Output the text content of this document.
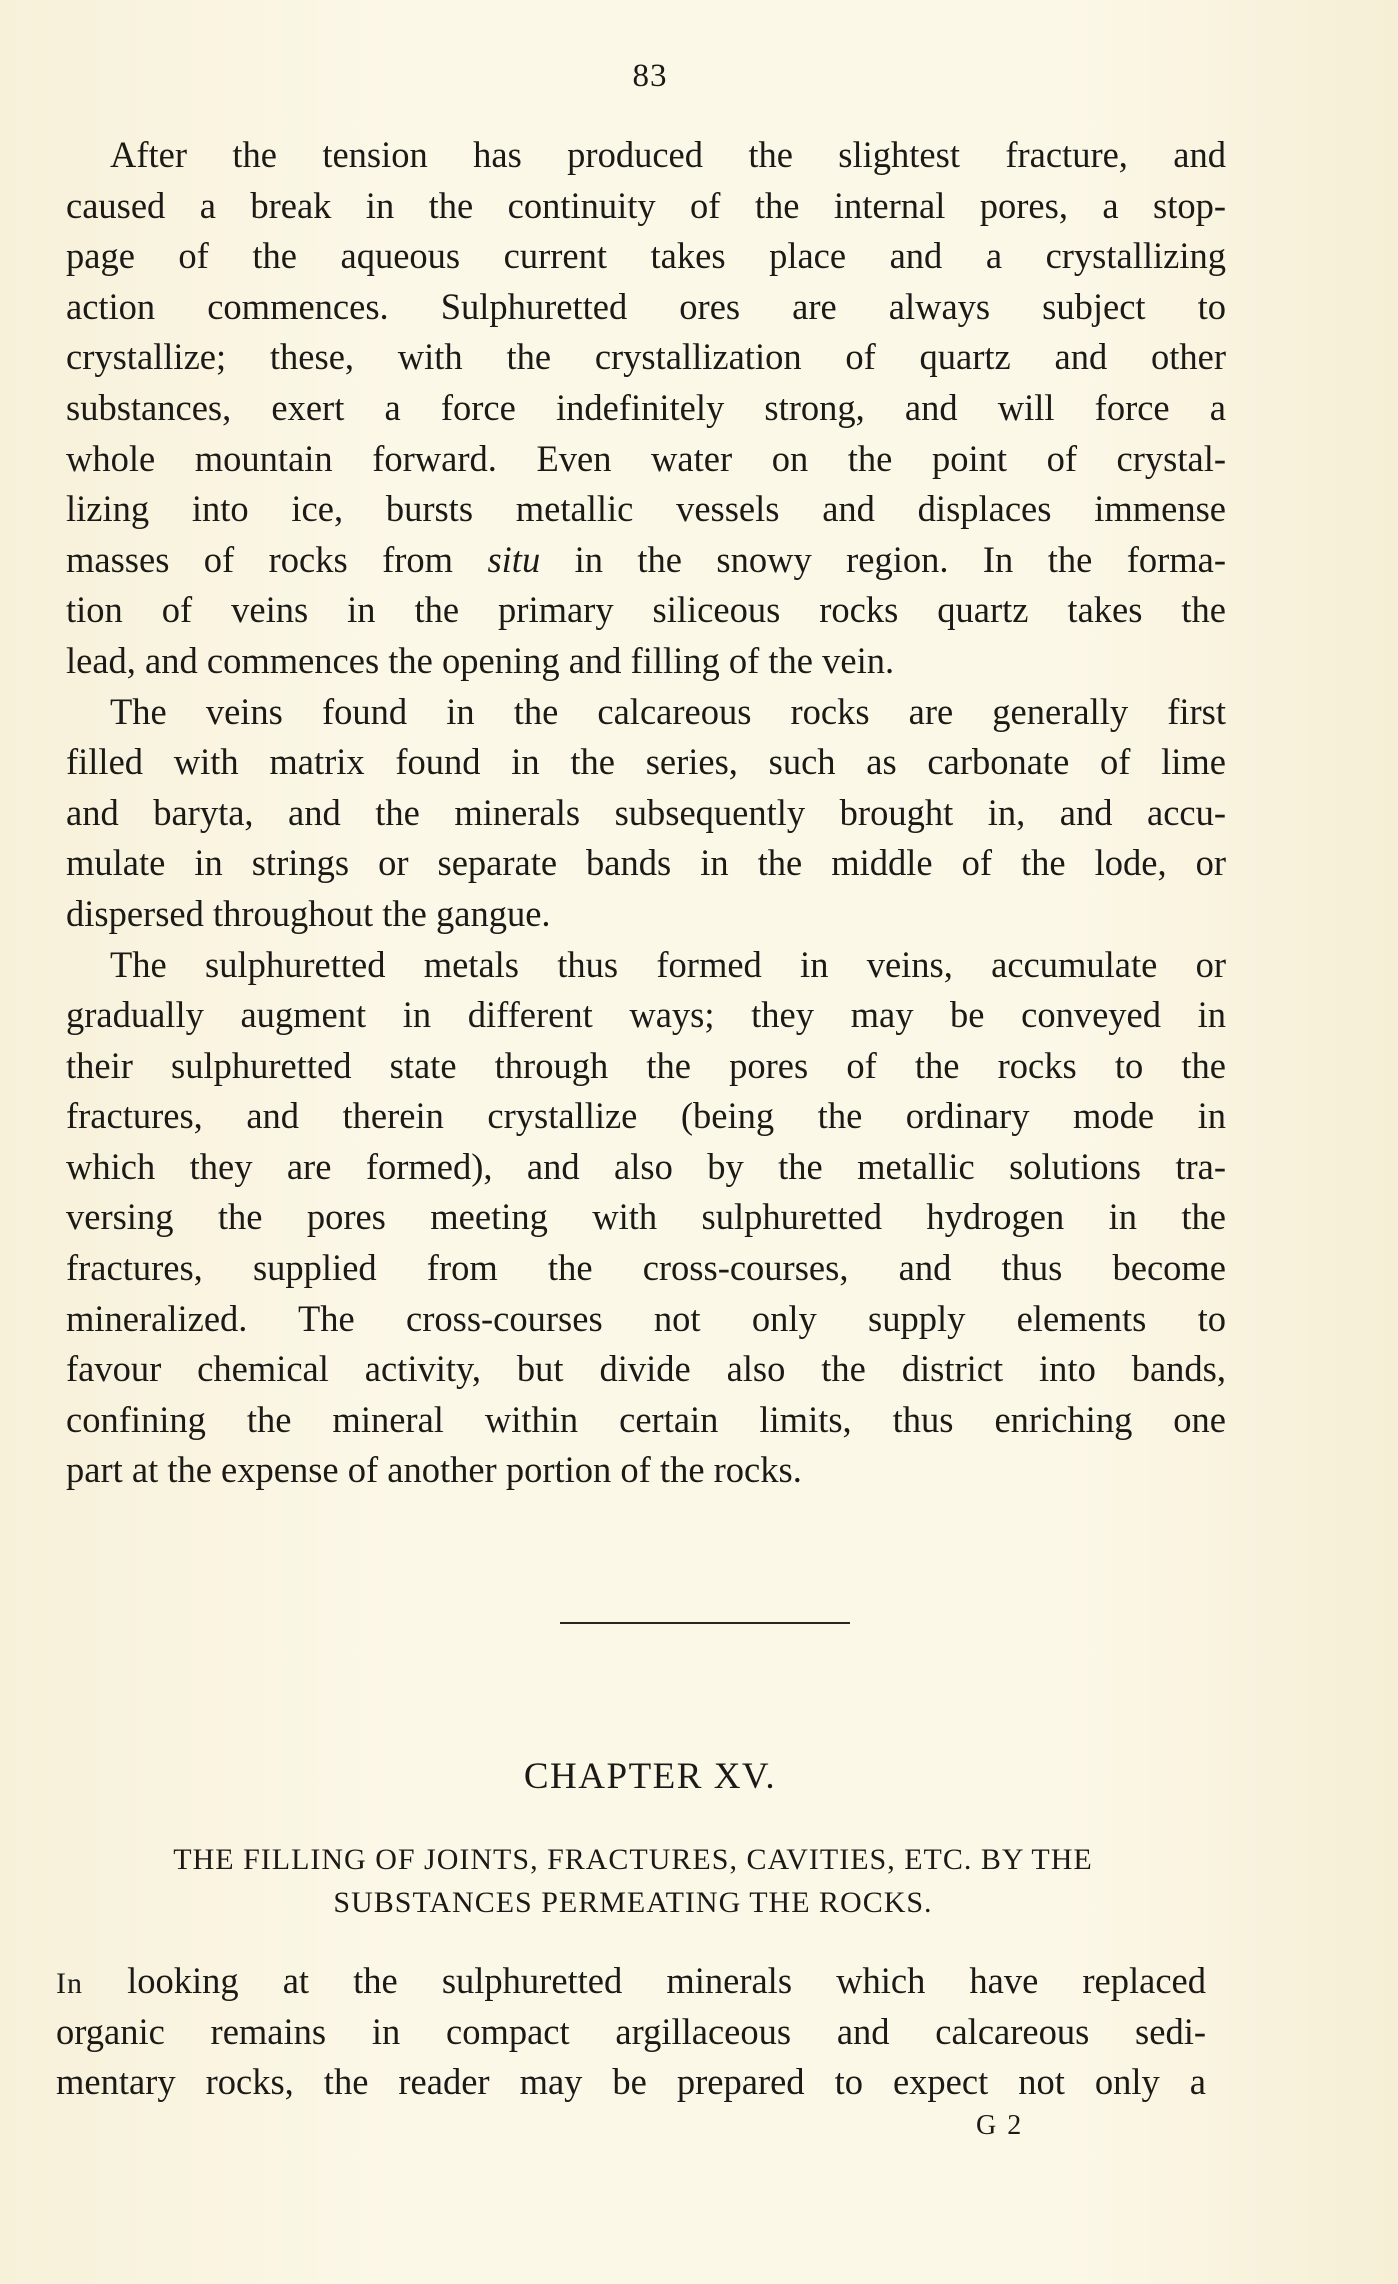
83
After the tension has produced the slightest fracture, and
caused a break in the continuity of the internal pores, a stop-
page of the aqueous current takes place and a crystallizing
action commences. Sulphuretted ores are always subject to
crystallize; these, with the crystallization of quartz and other
substances, exert a force indefinitely strong, and will force a
whole mountain forward. Even water on the point of crystal-
lizing into ice, bursts metallic vessels and displaces immense
masses of rocks from situ in the snowy region. In the forma-
tion of veins in the primary siliceous rocks quartz takes the
lead, and commences the opening and filling of the vein.
The veins found in the calcareous rocks are generally first
filled with matrix found in the series, such as carbonate of lime
and baryta, and the minerals subsequently brought in, and accu-
mulate in strings or separate bands in the middle of the lode, or
dispersed throughout the gangue.
The sulphuretted metals thus formed in veins, accumulate or
gradually augment in different ways; they may be conveyed in
their sulphuretted state through the pores of the rocks to the
fractures, and therein crystallize (being the ordinary mode in
which they are formed), and also by the metallic solutions tra-
versing the pores meeting with sulphuretted hydrogen in the
fractures, supplied from the cross-courses, and thus become
mineralized. The cross-courses not only supply elements to
favour chemical activity, but divide also the district into bands,
confining the mineral within certain limits, thus enriching one
part at the expense of another portion of the rocks.
CHAPTER XV.
THE FILLING OF JOINTS, FRACTURES, CAVITIES, ETC. BY THE
SUBSTANCES PERMEATING THE ROCKS.
In looking at the sulphuretted minerals which have replaced
organic remains in compact argillaceous and calcareous sedi-
mentary rocks, the reader may be prepared to expect not only a
G 2
